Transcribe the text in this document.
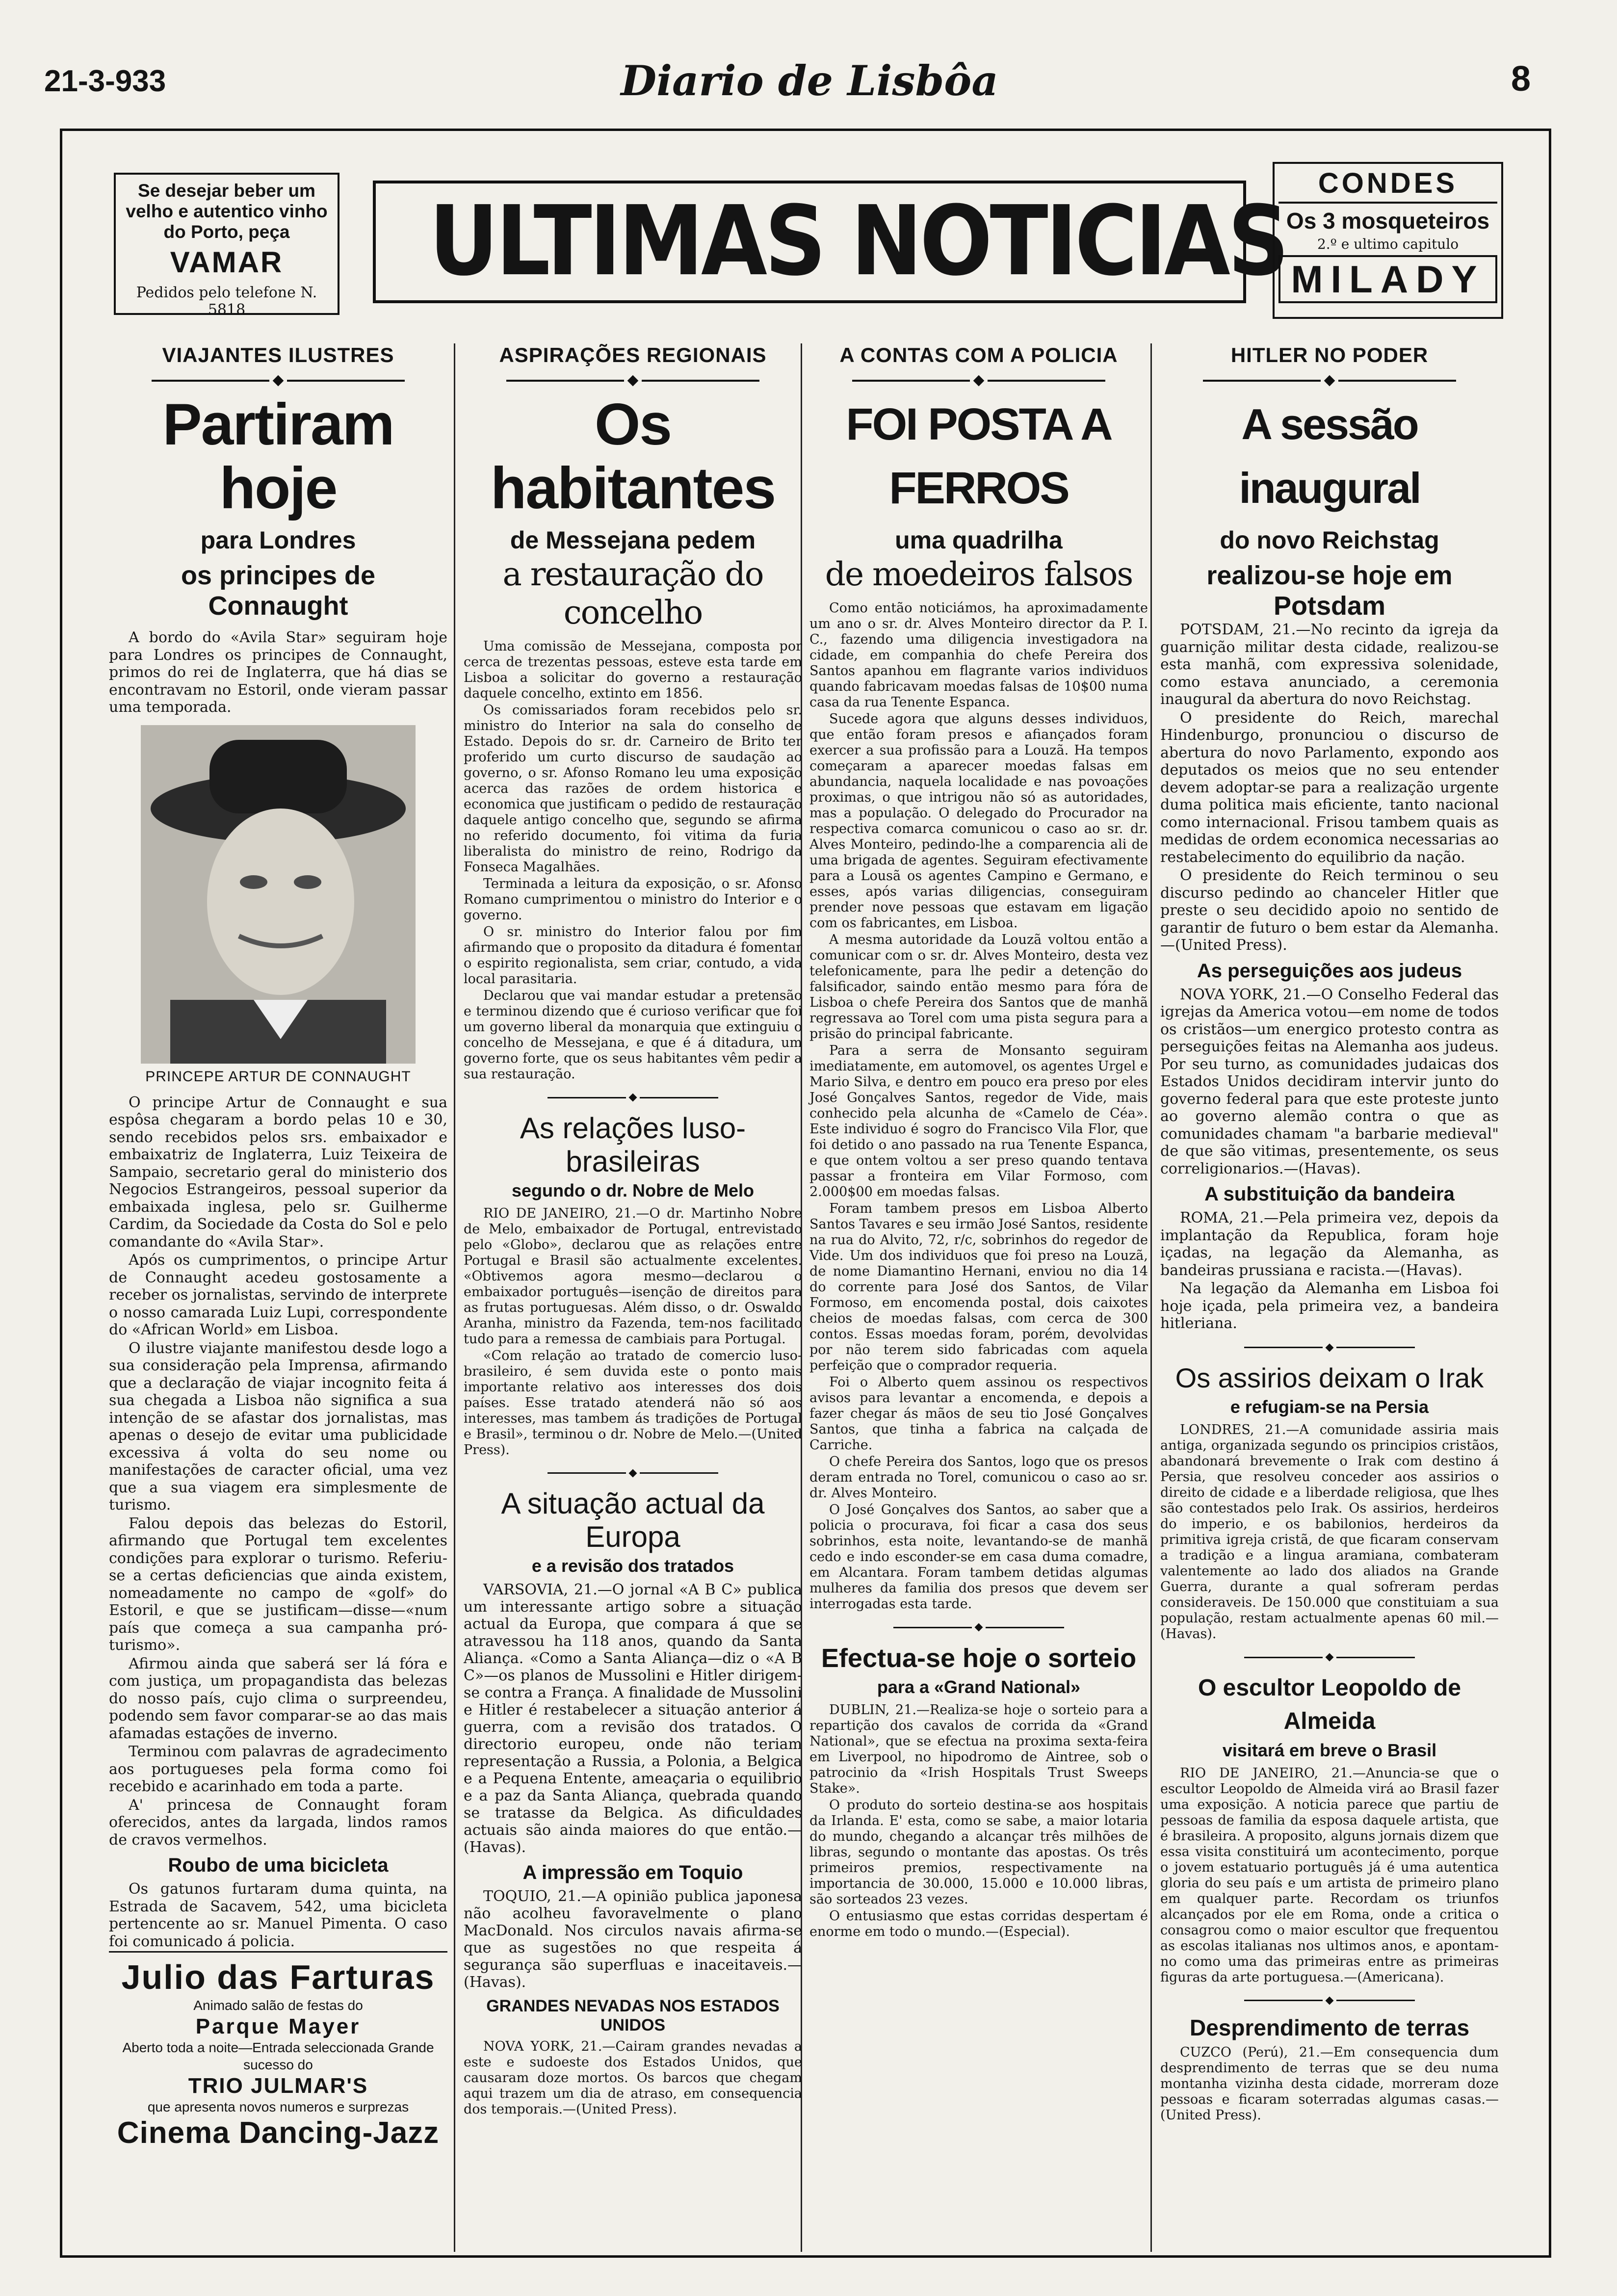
21-3-933	Diario de Lisbôa	8
Se desejar beber um velho e autentico vinho do Porto, peça
VAMAR
Pedidos pelo telefone N. 5818
ULTIMAS NOTICIAS
CONDES
Os 3 mosqueteiros
2.º e ultimo capitulo
MILADY
VIAJANTES ILUSTRES
Partiram hoje
para Londres
os principes de Connaught

A bordo do «Avila Star» seguiram hoje para Londres os principes de Connaught, primos do rei de Inglaterra, que há dias se encontravam no Estoril, onde vieram passar uma temporada.

PRINCEPE ARTUR DE CONNAUGHT

O principe Artur de Connaught e sua espôsa chegaram a bordo pelas 10 e 30, sendo recebidos pelos srs. embaixador e embaixatriz de Inglaterra, Luiz Teixeira de Sampaio, secretario geral do ministerio dos Negocios Estrangeiros, pessoal superior da embaixada inglesa, pelo sr. Guilherme Cardim, da Sociedade da Costa do Sol e pelo comandante do «Avila Star».

Após os cumprimentos, o principe Artur de Connaught acedeu gostosamente a receber os jornalistas, servindo de interprete o nosso camarada Luiz Lupi, correspondente do «African World» em Lisboa.

O ilustre viajante manifestou desde logo a sua consideração pela Imprensa, afirmando que a declaração de viajar incognito feita á sua chegada a Lisboa não significa a sua intenção de se afastar dos jornalistas, mas apenas o desejo de evitar uma publicidade excessiva á volta do seu nome ou manifestações de caracter oficial, uma vez que a sua viagem era simplesmente de turismo.

Falou depois das belezas do Estoril, afirmando que Portugal tem excelentes condições para explorar o turismo. Referiu-se a certas deficiencias que ainda existem, nomeadamente no campo de «golf» do Estoril, e que se justificam—disse—«num país que começa a sua campanha pró-turismo».

Afirmou ainda que saberá ser lá fóra e com justiça, um propagandista das belezas do nosso país, cujo clima o surpreendeu, podendo sem favor comparar-se ao das mais afamadas estações de inverno.

Terminou com palavras de agradecimento aos portugueses pela forma como foi recebido e acarinhado em toda a parte.

A' princesa de Connaught foram oferecidos, antes da largada, lindos ramos de cravos vermelhos.

Roubo de uma bicicleta

Os gatunos furtaram duma quinta, na Estrada de Sacavem, 542, uma bicicleta pertencente ao sr. Manuel Pimenta. O caso foi comunicado á policia.

Julio das Farturas
Animado salão de festas do
Parque Mayer
Aberto toda a noite—Entrada seleccionada Grande sucesso do
TRIO JULMAR'S
que apresenta novos numeros e surprezas
Cinema Dancing-Jazz
ASPIRAÇÕES REGIONAIS
Os habitantes
de Messejana pedem
a restauração do concelho

Uma comissão de Messejana, composta por cerca de trezentas pessoas, esteve esta tarde em Lisboa a solicitar do governo a restauração daquele concelho, extinto em 1856.

Os comissariados foram recebidos pelo sr. ministro do Interior na sala do conselho de Estado. Depois do sr. dr. Carneiro de Brito ter proferido um curto discurso de saudação ao governo, o sr. Afonso Romano leu uma exposição acerca das razões de ordem historica e economica que justificam o pedido de restauração daquele antigo concelho que, segundo se afirma no referido documento, foi vitima da furia liberalista do ministro de reino, Rodrigo da Fonseca Magalhães.

Terminada a leitura da exposição, o sr. Afonso Romano cumprimentou o ministro do Interior e o governo.

O sr. ministro do Interior falou por fim afirmando que o proposito da ditadura é fomentar o espirito regionalista, sem criar, contudo, a vida local parasitaria.

Declarou que vai mandar estudar a pretensão e terminou dizendo que é curioso verificar que foi um governo liberal da monarquia que extinguiu o concelho de Messejana, e que é á ditadura, um governo forte, que os seus habitantes vêm pedir a sua restauração.

As relações luso-brasileiras
segundo o dr. Nobre de Melo

RIO DE JANEIRO, 21.—O dr. Martinho Nobre de Melo, embaixador de Portugal, entrevistado pelo «Globo», declarou que as relações entre Portugal e Brasil são actualmente excelentes. «Obtivemos agora mesmo—declarou o embaixador português—isenção de direitos para as frutas portuguesas. Além disso, o dr. Oswaldo Aranha, ministro da Fazenda, tem-nos facilitado tudo para a remessa de cambiais para Portugal.

«Com relação ao tratado de comercio luso-brasileiro, é sem duvida este o ponto mais importante relativo aos interesses dos dois países. Esse tratado atenderá não só aos interesses, mas tambem ás tradições de Portugal e Brasil», terminou o dr. Nobre de Melo.—(United Press).

A situação actual da Europa
e a revisão dos tratados

VARSOVIA, 21.—O jornal «A B C» publica um interessante artigo sobre a situação actual da Europa, que compara á que se atravessou ha 118 anos, quando da Santa Aliança. «Como a Santa Aliança—diz o «A B C»—os planos de Mussolini e Hitler dirigem-se contra a França. A finalidade de Mussolini e Hitler é restabelecer a situação anterior á guerra, com a revisão dos tratados. O directorio europeu, onde não teriam representação a Russia, a Polonia, a Belgica e a Pequena Entente, ameaçaria o equilibrio e a paz da Santa Aliança, quebrada quando se tratasse da Belgica. As dificuldades actuais são ainda maiores do que então.—(Havas).

A impressão em Toquio

TOQUIO, 21.—A opinião publica japonesa não acolheu favoravelmente o plano MacDonald. Nos circulos navais afirma-se que as sugestões no que respeita á segurança são superfluas e inaceitaveis.—(Havas).

GRANDES NEVADAS NOS ESTADOS UNIDOS

NOVA YORK, 21.—Cairam grandes nevadas a este e sudoeste dos Estados Unidos, que causaram doze mortos. Os barcos que chegam aqui trazem um dia de atraso, em consequencia dos temporais.—(United Press).

A CONTAS COM A POLICIA
FOI POSTA A FERROS
uma quadrilha
de moedeiros falsos

Como então noticiámos, ha aproximadamente um ano o sr. dr. Alves Monteiro director da P. I. C., fazendo uma diligencia investigadora na cidade, em companhia do chefe Pereira dos Santos apanhou em flagrante varios individuos quando fabricavam moedas falsas de 10$00 numa casa da rua Tenente Espanca.

Sucede agora que alguns desses individuos, que então foram presos e afiançados foram exercer a sua profissão para a Louzã. Ha tempos começaram a aparecer moedas falsas em abundancia, naquela localidade e nas povoações proximas, o que intrigou não só as autoridades, mas a população. O delegado do Procurador na respectiva comarca comunicou o caso ao sr. dr. Alves Monteiro, pedindo-lhe a comparencia ali de uma brigada de agentes. Seguiram efectivamente para a Lousã os agentes Campino e Germano, e esses, após varias diligencias, conseguiram prender nove pessoas que estavam em ligação com os fabricantes, em Lisboa.

A mesma autoridade da Louzã voltou então a comunicar com o sr. dr. Alves Monteiro, desta vez telefonicamente, para lhe pedir a detenção do falsificador, saindo então mesmo para fóra de Lisboa o chefe Pereira dos Santos que de manhã regressava ao Torel com uma pista segura para a prisão do principal fabricante.

Para a serra de Monsanto seguiram imediatamente, em automovel, os agentes Urgel e Mario Silva, e dentro em pouco era preso por eles José Gonçalves Santos, regedor de Vide, mais conhecido pela alcunha de «Camelo de Céa». Este individuo é sogro do Francisco Vila Flor, que foi detido o ano passado na rua Tenente Espanca, e que ontem voltou a ser preso quando tentava passar a fronteira em Vilar Formoso, com 2.000$00 em moedas falsas.

Foram tambem presos em Lisboa Alberto Santos Tavares e seu irmão José Santos, residente na rua do Alvito, 72, r/c, sobrinhos do regedor de Vide. Um dos individuos que foi preso na Louzã, de nome Diamantino Hernani, enviou no dia 14 do corrente para José dos Santos, de Vilar Formoso, em encomenda postal, dois caixotes cheios de moedas falsas, com cerca de 300 contos. Essas moedas foram, porém, devolvidas por não terem sido fabricadas com aquela perfeição que o comprador requeria.

Foi o Alberto quem assinou os respectivos avisos para levantar a encomenda, e depois a fazer chegar ás mãos de seu tio José Gonçalves Santos, que tinha a fabrica na calçada de Carriche.

O chefe Pereira dos Santos, logo que os presos deram entrada no Torel, comunicou o caso ao sr. dr. Alves Monteiro.

O José Gonçalves dos Santos, ao saber que a policia o procurava, foi ficar a casa dos seus sobrinhos, esta noite, levantando-se de manhã cedo e indo esconder-se em casa duma comadre, em Alcantara. Foram tambem detidas algumas mulheres da familia dos presos que devem ser interrogadas esta tarde.

Efectua-se hoje o sorteio
para a «Grand National»

DUBLIN, 21.—Realiza-se hoje o sorteio para a repartição dos cavalos de corrida da «Grand National», que se efectua na proxima sexta-feira em Liverpool, no hipodromo de Aintree, sob o patrocinio da «Irish Hospitals Trust Sweeps Stake».

O produto do sorteio destina-se aos hospitais da Irlanda. E' esta, como se sabe, a maior lotaria do mundo, chegando a alcançar três milhões de libras, segundo o montante das apostas. Os três primeiros premios, respectivamente na importancia de 30.000, 15.000 e 10.000 libras, são sorteados 23 vezes.

O entusiasmo que estas corridas despertam é enorme em todo o mundo.—(Especial).

HITLER NO PODER
A sessão inaugural
do novo Reichstag
realizou-se hoje em Potsdam

POTSDAM, 21.—No recinto da igreja da guarnição militar desta cidade, realizou-se esta manhã, com expressiva solenidade, como estava anunciado, a ceremonia inaugural da abertura do novo Reichstag.

O presidente do Reich, marechal Hindenburgo, pronunciou o discurso de abertura do novo Parlamento, expondo aos deputados os meios que no seu entender devem adoptar-se para a realização urgente duma politica mais eficiente, tanto nacional como internacional. Frisou tambem quais as medidas de ordem economica necessarias ao restabelecimento do equilibrio da nação.

O presidente do Reich terminou o seu discurso pedindo ao chanceler Hitler que preste o seu decidido apoio no sentido de garantir de futuro o bem estar da Alemanha.—(United Press).

As perseguições aos judeus

NOVA YORK, 21.—O Conselho Federal das igrejas da America votou—em nome de todos os cristãos—um energico protesto contra as perseguições feitas na Alemanha aos judeus. Por seu turno, as comunidades judaicas dos Estados Unidos decidiram intervir junto do governo federal para que este proteste junto ao governo alemão contra o que as comunidades chamam "a barbarie medieval" de que são vitimas, presentemente, os seus correligionarios.—(Havas).

A substituição da bandeira

ROMA, 21.—Pela primeira vez, depois da implantação da Republica, foram hoje içadas, na legação da Alemanha, as bandeiras prussiana e racista.—(Havas).

Na legação da Alemanha em Lisboa foi hoje içada, pela primeira vez, a bandeira hitleriana.

Os assirios deixam o Irak
e refugiam-se na Persia

LONDRES, 21.—A comunidade assiria mais antiga, organizada segundo os principios cristãos, abandonará brevemente o Irak com destino á Persia, que resolveu conceder aos assirios o direito de cidade e a liberdade religiosa, que lhes são contestados pelo Irak. Os assirios, herdeiros do imperio, e os babilonios, herdeiros da primitiva igreja cristã, de que ficaram conservam a tradição e a lingua aramiana, combateram valentemente ao lado dos aliados na Grande Guerra, durante a qual sofreram perdas consideraveis. De 150.000 que constituiam a sua população, restam actualmente apenas 60 mil.—(Havas).

O escultor Leopoldo de Almeida
visitará em breve o Brasil

RIO DE JANEIRO, 21.—Anuncia-se que o escultor Leopoldo de Almeida virá ao Brasil fazer uma exposição. A noticia parece que partiu de pessoas de familia da esposa daquele artista, que é brasileira. A proposito, alguns jornais dizem que essa visita constituirá um acontecimento, porque o jovem estatuario português já é uma autentica gloria do seu país e um artista de primeiro plano em qualquer parte. Recordam os triunfos alcançados por ele em Roma, onde a critica o consagrou como o maior escultor que frequentou as escolas italianas nos ultimos anos, e apontam-no como uma das primeiras entre as primeiras figuras da arte portuguesa.—(Americana).

Desprendimento de terras

CUZCO (Perú), 21.—Em consequencia dum desprendimento de terras que se deu numa montanha vizinha desta cidade, morreram doze pessoas e ficaram soterradas algumas casas.—(United Press).
